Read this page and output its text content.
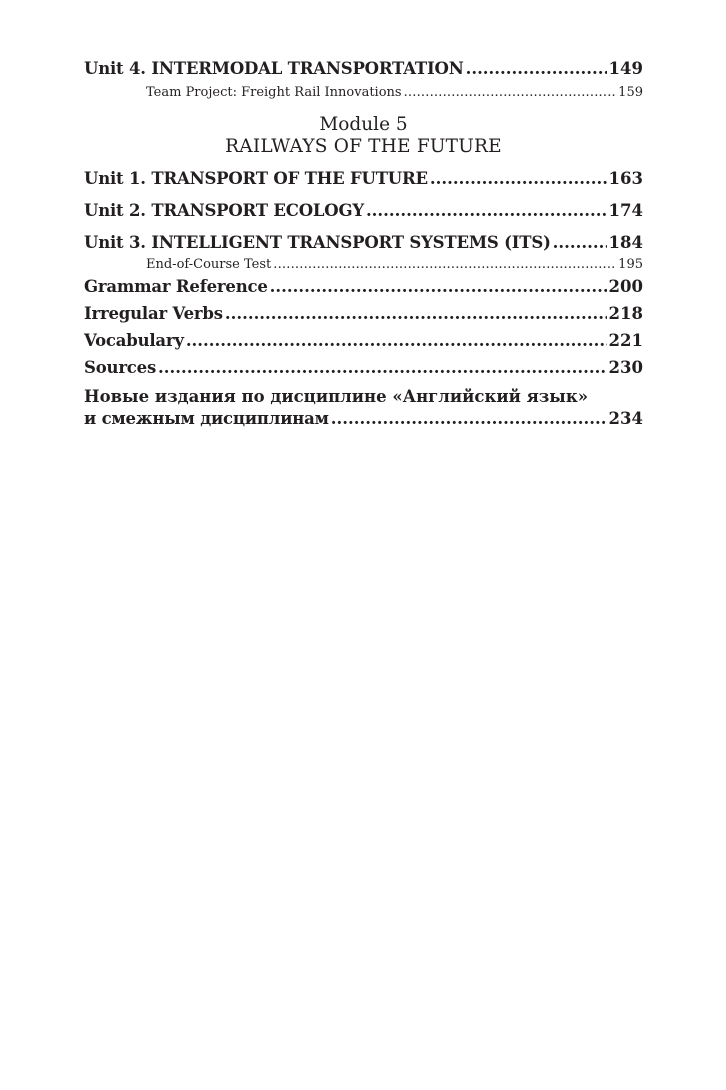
Unit 4. INTERMODAL TRANSPORTATION .....	149
Team Project: Freight Rail Innovations .....	159
Module 5
RAILWAYS OF THE FUTURE
Unit 1. TRANSPORT OF THE FUTURE .....	163
Unit 2. TRANSPORT ECOLOGY .....	174
Unit 3. INTELLIGENT TRANSPORT SYSTEMS (ITS) .....	184
End-of-Course Test .....	195
Grammar Reference .....	200
Irregular Verbs .....	218
Vocabulary .....	221
Sources .....	230
Новые издания по дисциплине «Английский язык»
и смежным дисциплинам .....	234
